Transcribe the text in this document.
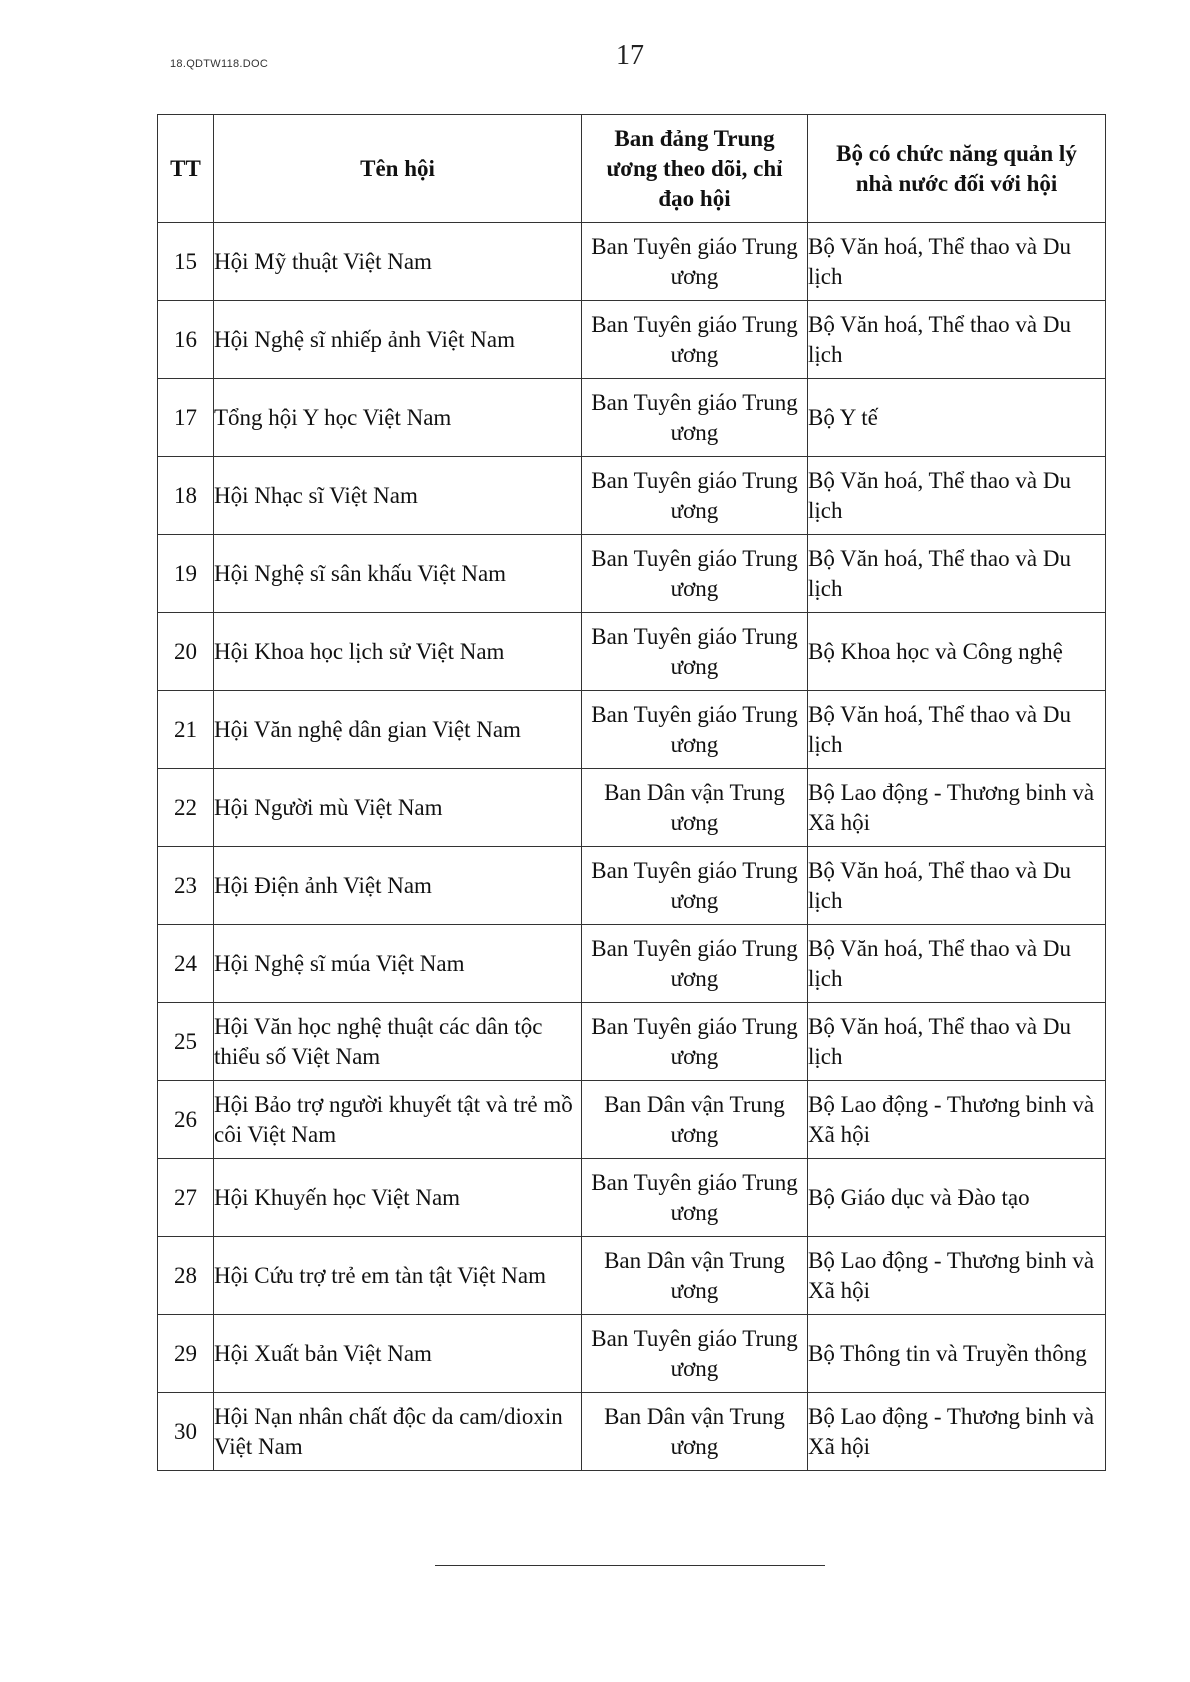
18.QDTW118.DOC	17
TT	Tên hội	Ban đảng Trung ương theo dõi, chỉ đạo hội	Bộ có chức năng quản lý nhà nước đối với hội
15	Hội Mỹ thuật Việt Nam	Ban Tuyên giáo Trung ương	Bộ Văn hoá, Thể thao và Du lịch
16	Hội Nghệ sĩ nhiếp ảnh Việt Nam	Ban Tuyên giáo Trung ương	Bộ Văn hoá, Thể thao và Du lịch
17	Tổng hội Y học Việt Nam	Ban Tuyên giáo Trung ương	Bộ Y tế
18	Hội Nhạc sĩ Việt Nam	Ban Tuyên giáo Trung ương	Bộ Văn hoá, Thể thao và Du lịch
19	Hội Nghệ sĩ sân khấu Việt Nam	Ban Tuyên giáo Trung ương	Bộ Văn hoá, Thể thao và Du lịch
20	Hội Khoa học lịch sử Việt Nam	Ban Tuyên giáo Trung ương	Bộ Khoa học và Công nghệ
21	Hội Văn nghệ dân gian Việt Nam	Ban Tuyên giáo Trung ương	Bộ Văn hoá, Thể thao và Du lịch
22	Hội Người mù Việt Nam	Ban Dân vận Trung ương	Bộ Lao động - Thương binh và Xã hội
23	Hội Điện ảnh Việt Nam	Ban Tuyên giáo Trung ương	Bộ Văn hoá, Thể thao và Du lịch
24	Hội Nghệ sĩ múa Việt Nam	Ban Tuyên giáo Trung ương	Bộ Văn hoá, Thể thao và Du lịch
25	Hội Văn học nghệ thuật các dân tộc thiểu số Việt Nam	Ban Tuyên giáo Trung ương	Bộ Văn hoá, Thể thao và Du lịch
26	Hội Bảo trợ người khuyết tật và trẻ mồ côi Việt Nam	Ban Dân vận Trung ương	Bộ Lao động - Thương binh và Xã hội
27	Hội Khuyến học Việt Nam	Ban Tuyên giáo Trung ương	Bộ Giáo dục và Đào tạo
28	Hội Cứu trợ trẻ em tàn tật Việt Nam	Ban Dân vận Trung ương	Bộ Lao động - Thương binh và Xã hội
29	Hội Xuất bản Việt Nam	Ban Tuyên giáo Trung ương	Bộ Thông tin và Truyền thông
30	Hội Nạn nhân chất độc da cam/dioxin Việt Nam	Ban Dân vận Trung ương	Bộ Lao động - Thương binh và Xã hội
